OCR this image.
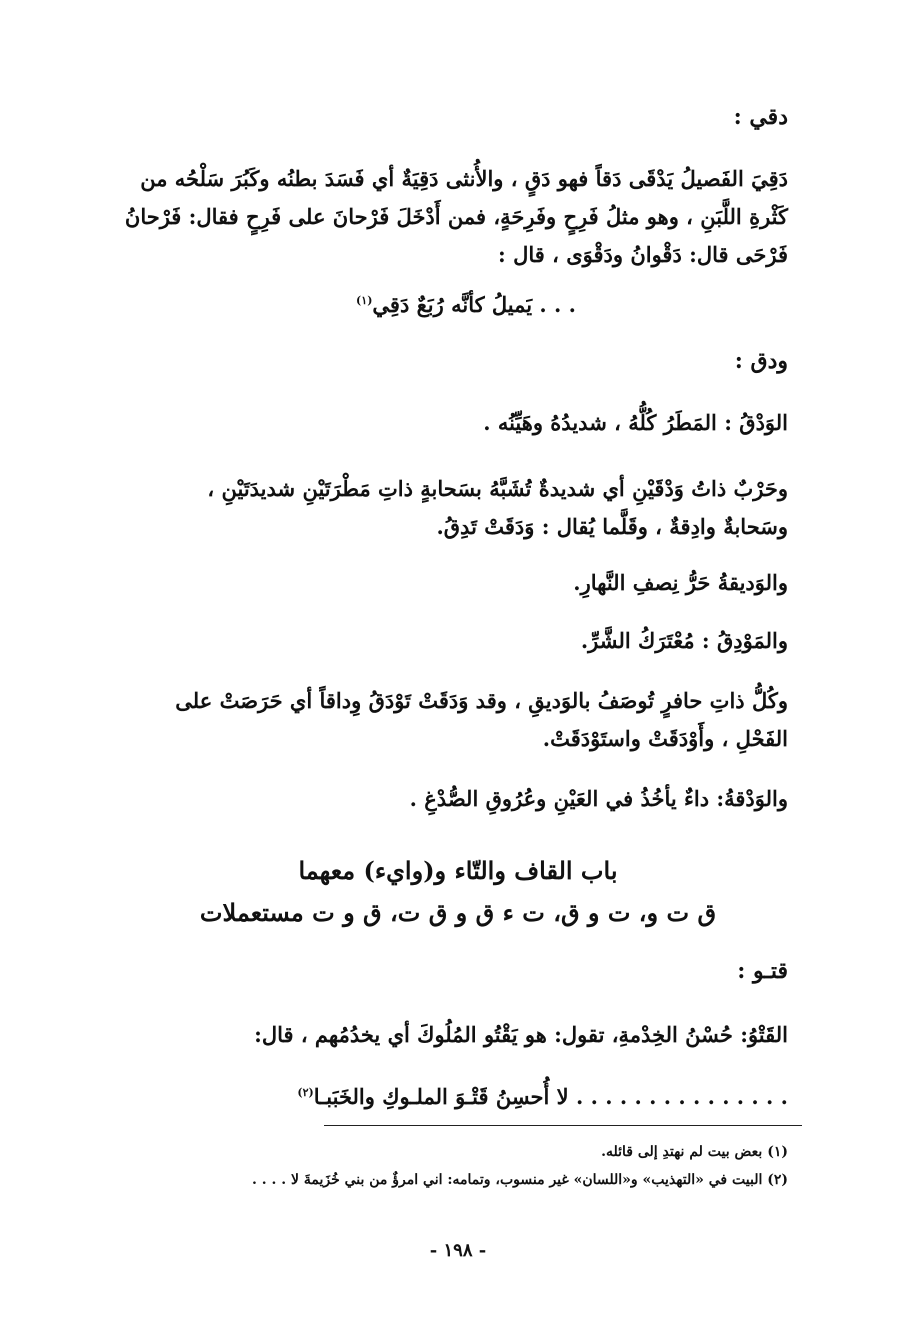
دقي :
دَقِيَ الفَصيلُ يَدْقَى دَقاً فهو دَقٍ ، والأُنثى دَقِيَةٌ أي فَسَدَ بطنُه وكَبُرَ سَلْحُه من
كَثْرةِ اللَّبَنِ ، وهو مثلُ فَرِحٍ وفَرِحَةٍ، فمن أَدْخَلَ فَرْحانَ على فَرِحٍ فقال: فَرْحانُ
فَرْحَى قال: دَقْوانُ ودَقْوَى ، قال :
. . . يَميلُ كأنَّه رُبَعٌ دَقِي$^{(١)}$
ودق :
الوَدْقُ : المَطَرُ كُلُّهُ ، شديدُهُ وهَيِّنُه .
وحَرْبٌ ذاتُ وَدْقَيْنِ أي شديدةٌ تُشَبَّهُ بسَحابةٍ ذاتِ مَطْرَتَيْنِ شديدَتَيْنِ ،
وسَحابةٌ وادِقةٌ ، وقَلَّما يُقال : وَدَقَتْ تَدِقُ.
والوَديقةُ حَرُّ نِصفِ النَّهارِ.
والمَوْدِقُ : مُعْتَرَكُ الشَّرِّ.
وكُلُّ ذاتِ حافرٍ تُوصَفُ بالوَديقِ ، وقد وَدَقَتْ تَوْدَقُ وِداقاً أي حَرَصَتْ على
الفَحْلِ ، وأَوْدَقَتْ واستَوْدَقَتْ.
والوَدْقةُ: داءٌ يأخُذُ في العَيْنِ وعُرُوقِ الصُّدْغِ .
باب القاف والتّاء و(وايء) معهما
ق ت و، ت و ق، ت ء ق و ق ت، ق و ت مستعملات
قتـو :
القَتْوُ: حُسْنُ الخِدْمةِ، تقول: هو يَقْتُو المُلُوكَ أي يخدُمُهم ، قال:
. . . . . . . . . . . . . . . لا أُحسِنُ قَتْـوَ الملـوكِ والخَبَبـا$^{(٢)}$
(١) بعض بيت لم نهتدِ إلى قائله.
(٢) البيت في «التهذيب» و«اللسان» غير منسوب، وتمامه: اني امرؤٌ من بني خُزَيمةَ لا . . . .
- ١٩٨ -
